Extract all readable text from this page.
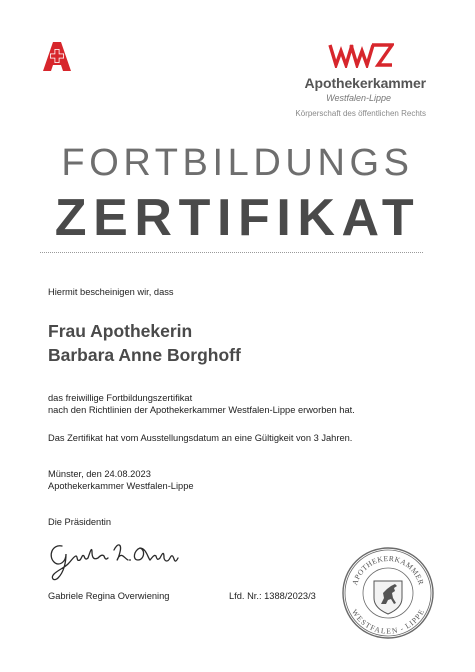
Apothekerkammer
Westfalen-Lippe
Körperschaft des öffentlichen Rechts
FORTBILDUNGS
ZERTIFIKAT
Hiermit bescheinigen wir, dass
Frau Apothekerin
Barbara Anne Borghoff
das freiwillige Fortbildungszertifikat
nach den Richtlinien der Apothekerkammer Westfalen-Lippe erworben hat.
Das Zertifikat hat vom Ausstellungsdatum an eine Gültigkeit von 3 Jahren.
Münster, den 24.08.2023
Apothekerkammer Westfalen-Lippe
Die Präsidentin
Gabriele Regina Overwiening	Lfd. Nr.: 1388/2023/3
APOTHEKERKAMMER
WESTFALEN - LIPPE
